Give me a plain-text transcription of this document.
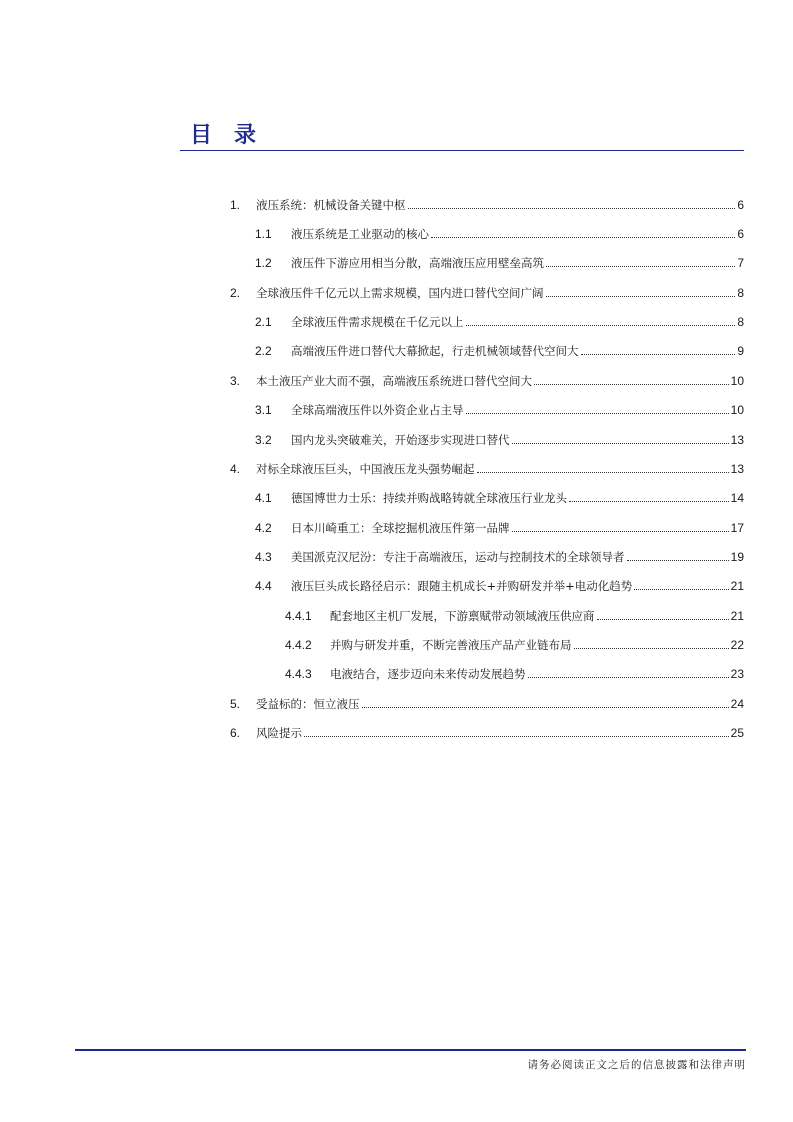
目录
1.	液压系统：机械设备关键中枢	6
1.1	液压系统是工业驱动的核心	6
1.2	液压件下游应用相当分散，高端液压应用壁垒高筑	7
2.	全球液压件千亿元以上需求规模，国内进口替代空间广阔	8
2.1	全球液压件需求规模在千亿元以上	8
2.2	高端液压件进口替代大幕掀起，行走机械领域替代空间大	9
3.	本土液压产业大而不强，高端液压系统进口替代空间大	10
3.1	全球高端液压件以外资企业占主导	10
3.2	国内龙头突破难关，开始逐步实现进口替代	13
4.	对标全球液压巨头，中国液压龙头强势崛起	13
4.1	德国博世力士乐：持续并购战略铸就全球液压行业龙头	14
4.2	日本川崎重工：全球挖掘机液压件第一品牌	17
4.3	美国派克汉尼汾：专注于高端液压，运动与控制技术的全球领导者	19
4.4	液压巨头成长路径启示：跟随主机成长+并购研发并举+电动化趋势	21
4.4.1	配套地区主机厂发展，下游禀赋带动领域液压供应商	21
4.4.2	并购与研发并重，不断完善液压产品产业链布局	22
4.4.3	电液结合，逐步迈向未来传动发展趋势	23
5.	受益标的：恒立液压	24
6.	风险提示	25
请务必阅读正文之后的信息披露和法律声明
